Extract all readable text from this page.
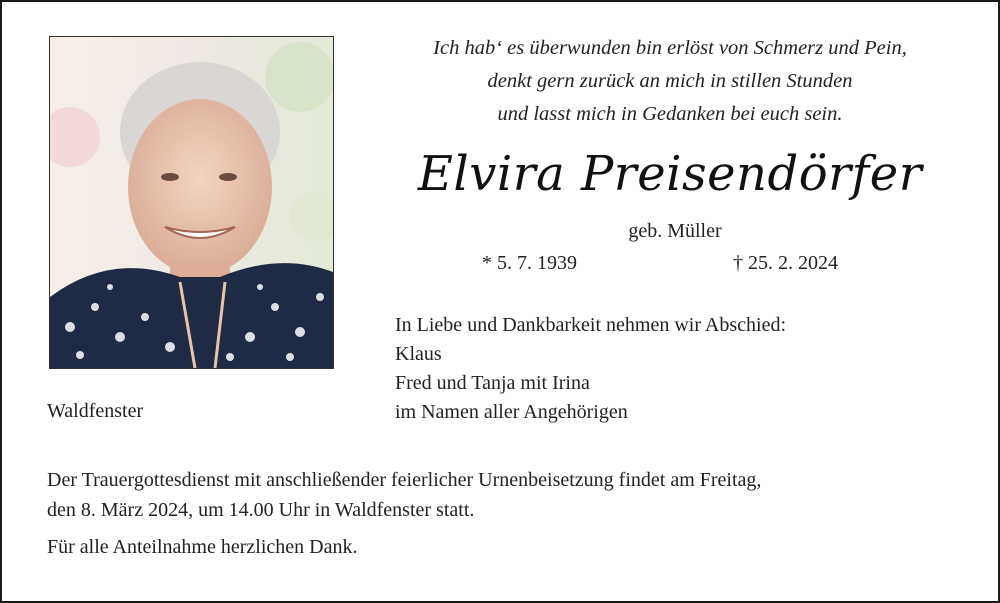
Ich hab‘ es überwunden bin erlöst von Schmerz und Pein,
denkt gern zurück an mich in stillen Stunden
und lasst mich in Gedanken bei euch sein.
Elvira Preisendörfer
geb. Müller
* 5. 7. 1939	† 25. 2. 2024
In Liebe und Dankbarkeit nehmen wir Abschied:
Klaus
Fred und Tanja mit Irina
im Namen aller Angehörigen
Waldfenster
Der Trauergottesdienst mit anschließender feierlicher Urnenbeisetzung findet am Freitag,
den 8. März 2024, um 14.00 Uhr in Waldfenster statt.
Für alle Anteilnahme herzlichen Dank.
